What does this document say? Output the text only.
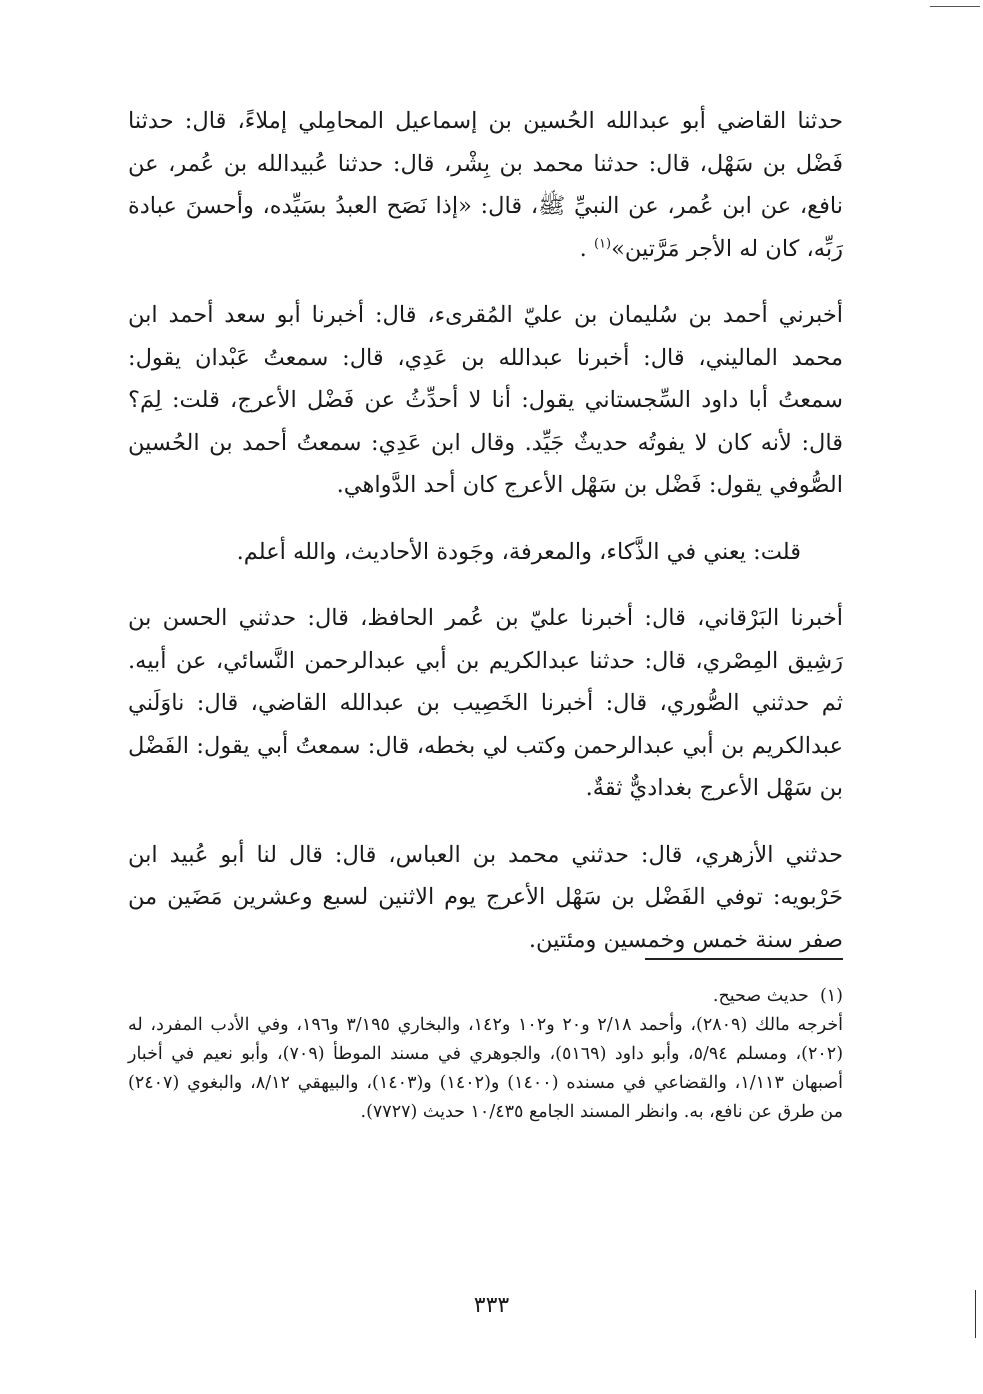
حدثنا القاضي أبو عبدالله الحُسين بن إسماعيل المحامِلي إملاءً، قال: حدثنا فَضْل بن سَهْل، قال: حدثنا محمد بن بِشْر، قال: حدثنا عُبيدالله بن عُمر، عن نافع، عن ابن عُمر، عن النبيِّ ﷺ، قال: «إذا نَصَح العبدُ بسَيِّده، وأحسنَ عبادة رَبِّه، كان له الأجر مَرَّتين»$^{(١)}$ .

أخبرني أحمد بن سُليمان بن عليّ المُقرىء، قال: أخبرنا أبو سعد أحمد ابن محمد الماليني، قال: أخبرنا عبدالله بن عَدِي، قال: سمعتُ عَبْدان يقول: سمعتُ أبا داود السِّجستاني يقول: أنا لا أحدِّثُ عن فَضْل الأعرج، قلت: لِمَ؟ قال: لأنه كان لا يفوتُه حديثٌ جَيِّد. وقال ابن عَدِي: سمعتُ أحمد بن الحُسين الصُّوفي يقول: فَضْل بن سَهْل الأعرج كان أحد الدَّواهي.

قلت: يعني في الذَّكاء، والمعرفة، وجَودة الأحاديث، والله أعلم.

أخبرنا البَرْقاني، قال: أخبرنا عليّ بن عُمر الحافظ، قال: حدثني الحسن بن رَشِيق المِصْري، قال: حدثنا عبدالكريم بن أبي عبدالرحمن النَّسائي، عن أبيه. ثم حدثني الصُّوري، قال: أخبرنا الخَصِيب بن عبدالله القاضي، قال: ناوَلَني عبدالكريم بن أبي عبدالرحمن وكتب لي بخطه، قال: سمعتُ أبي يقول: الفَضْل بن سَهْل الأعرج بغداديٌّ ثقةٌ.

حدثني الأزهري، قال: حدثني محمد بن العباس، قال: قال لنا أبو عُبيد ابن حَرْبويه: توفي الفَضْل بن سَهْل الأعرج يوم الاثنين لسبع وعشرين مَضَين من صفر سنة خمس وخمسين ومئتين.

(١)  حديث صحيح.

أخرجه مالك (٢٨٠٩)، وأحمد ٢/١٨ و٢٠ و١٠٢ و١٤٢، والبخاري ٣/١٩٥ و١٩٦، وفي الأدب المفرد، له (٢٠٢)، ومسلم ٥/٩٤، وأبو داود (٥١٦٩)، والجوهري في مسند الموطأ (٧٠٩)، وأبو نعيم في أخبار أصبهان ١/١١٣، والقضاعي في مسنده (١٤٠٠) و(١٤٠٢) و(١٤٠٣)، والبيهقي ٨/١٢، والبغوي (٢٤٠٧) من طرق عن نافع، به. وانظر المسند الجامع ١٠/٤٣٥ حديث (٧٧٢٧).

٣٣٣
